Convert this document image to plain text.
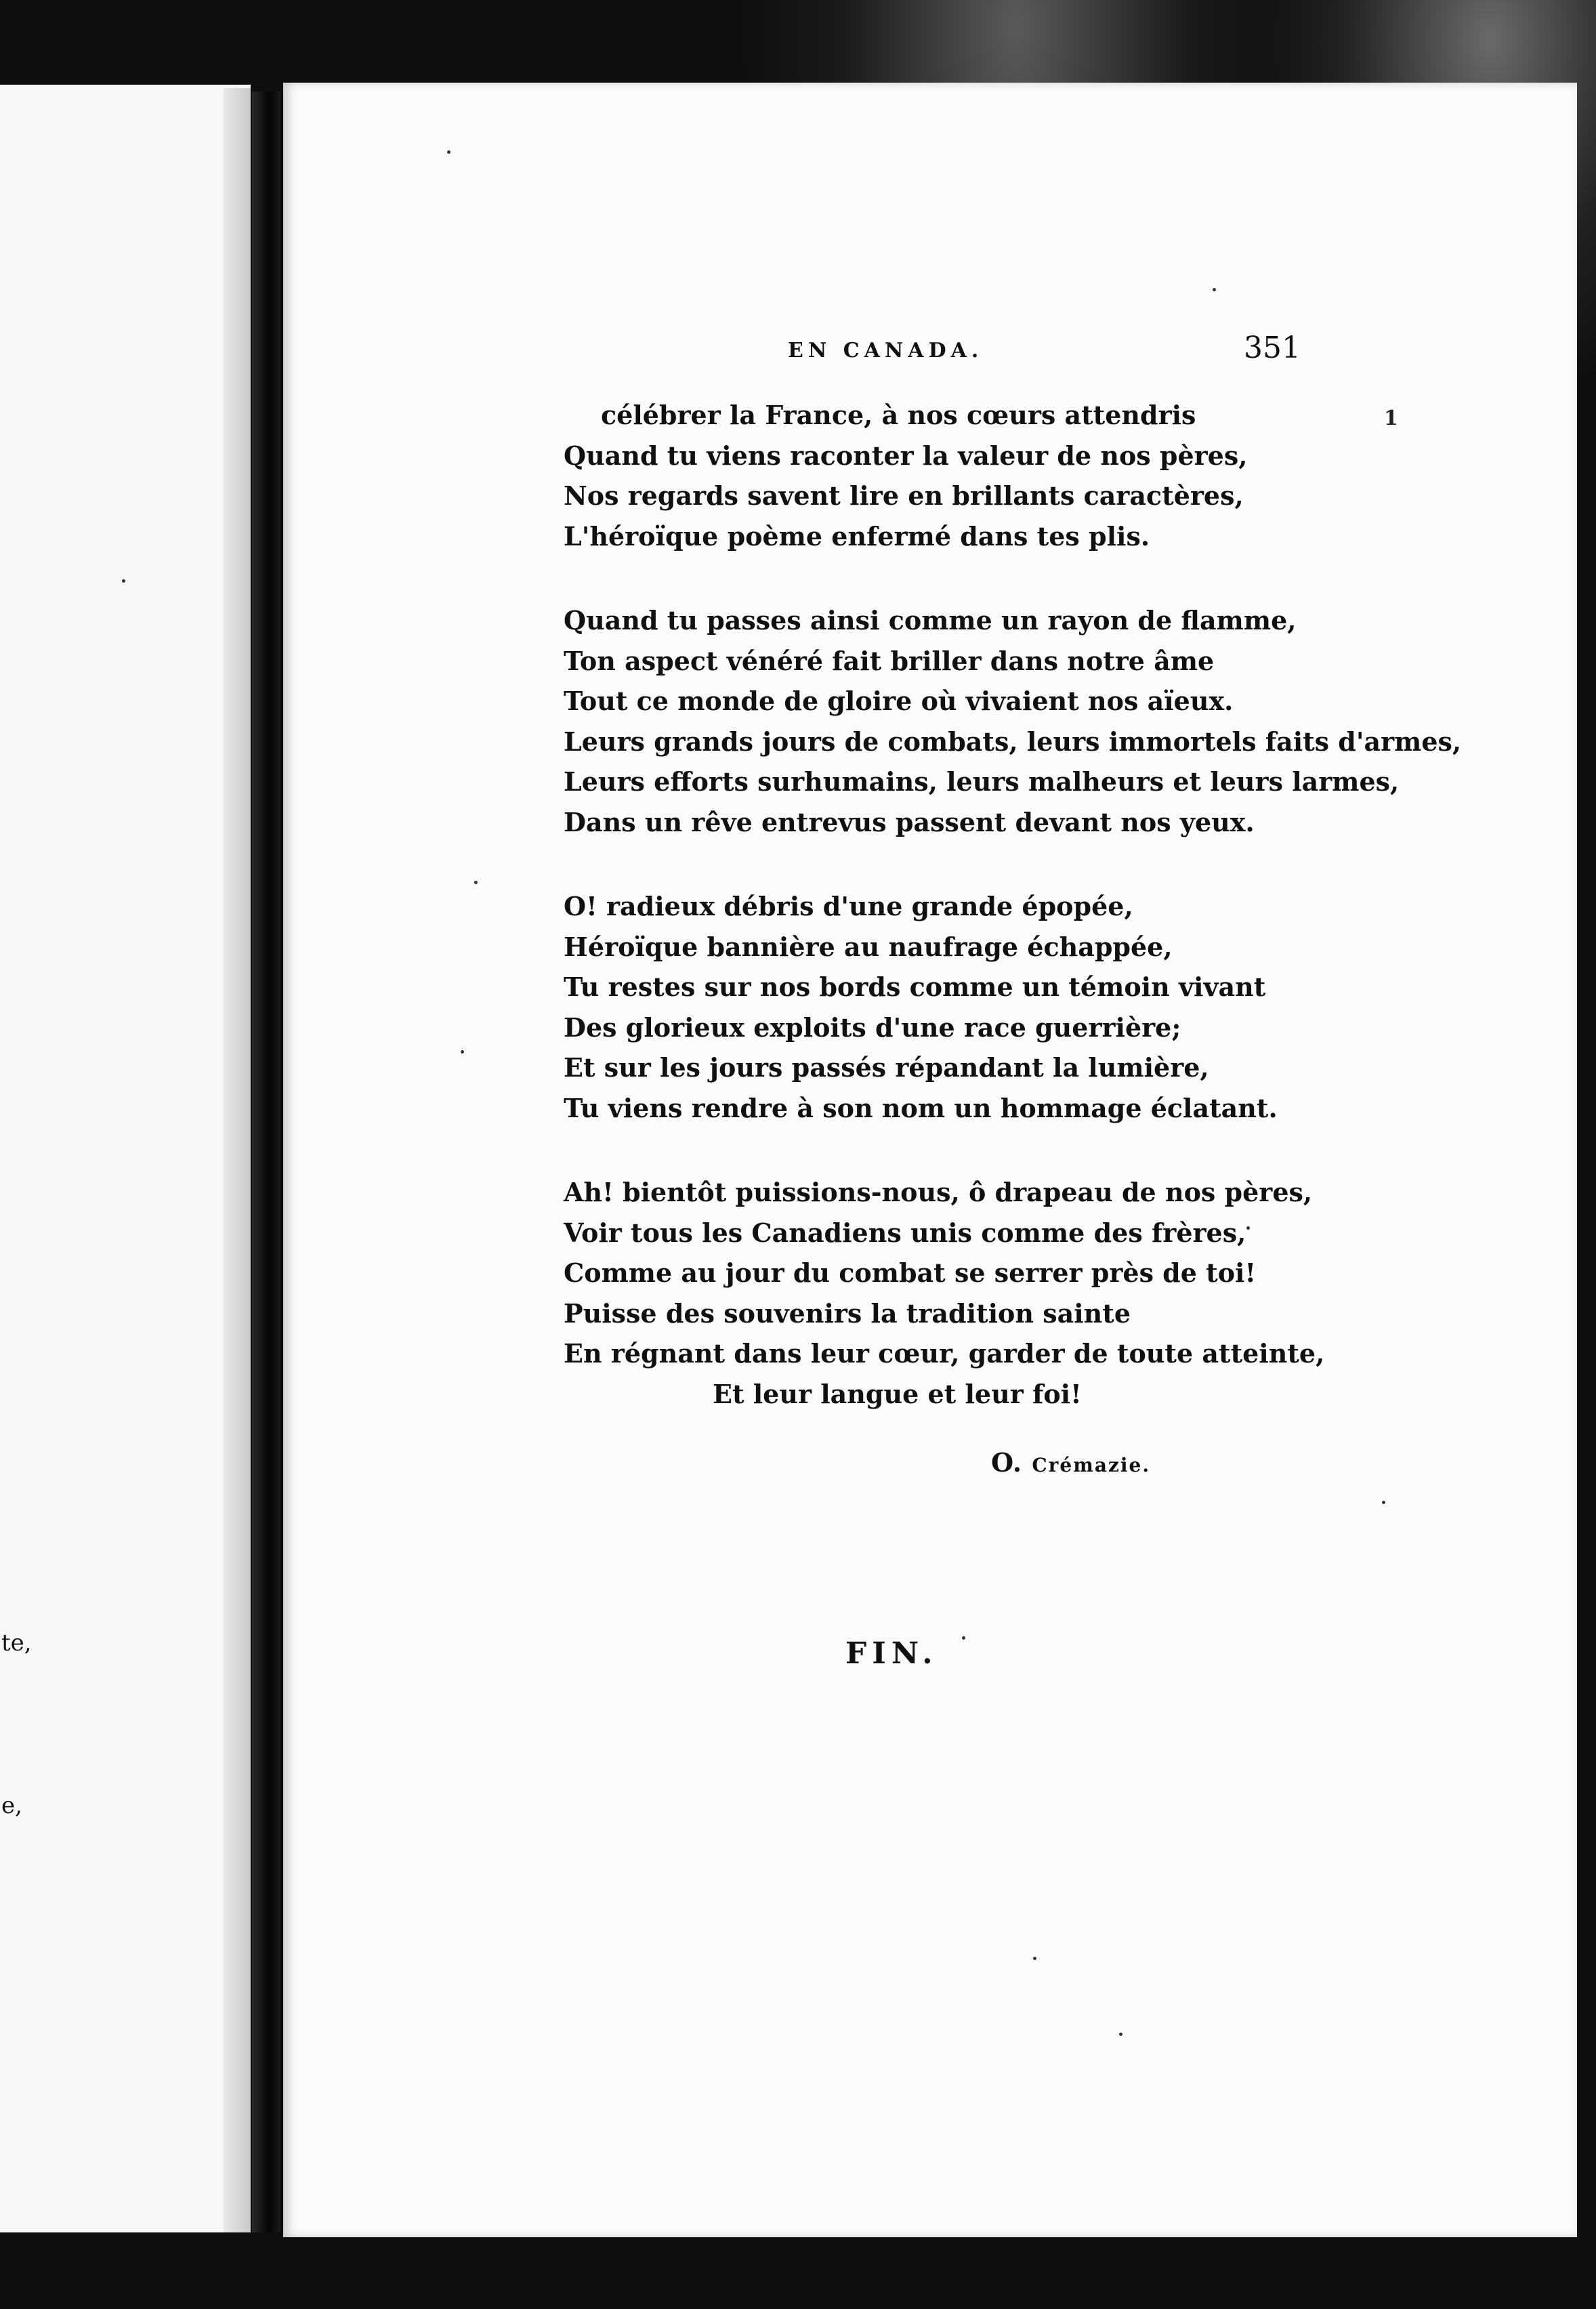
te,
e,
EN CANADA.	351
1
célébrer la France, à nos cœurs attendris
Quand tu viens raconter la valeur de nos pères,
Nos regards savent lire en brillants caractères,
L'héroïque poème enfermé dans tes plis.
Quand tu passes ainsi comme un rayon de flamme,
Ton aspect vénéré fait briller dans notre âme
Tout ce monde de gloire où vivaient nos aïeux.
Leurs grands jours de combats, leurs immortels faits d'armes,
Leurs efforts surhumains, leurs malheurs et leurs larmes,
Dans un rêve entrevus passent devant nos yeux.
O! radieux débris d'une grande épopée,
Héroïque bannière au naufrage échappée,
Tu restes sur nos bords comme un témoin vivant
Des glorieux exploits d'une race guerrière;
Et sur les jours passés répandant la lumière,
Tu viens rendre à son nom un hommage éclatant.
Ah! bientôt puissions-nous, ô drapeau de nos pères,
Voir tous les Canadiens unis comme des frères,
Comme au jour du combat se serrer près de toi!
Puisse des souvenirs la tradition sainte
En régnant dans leur cœur, garder de toute atteinte,
Et leur langue et leur foi!
O. Crémazie.
FIN.
